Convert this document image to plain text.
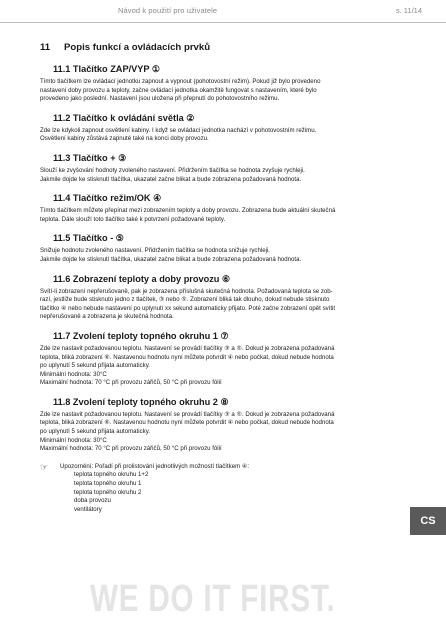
Návod k použití pro uživatele	s. 11/14
11	Popis funkcí a ovládacích prvků
11.1 Tlačítko ZAP/VYP ①
Tímto tlačítkem lze ovládací jednotku zapnout a vypnout (pohotovostní režim). Pokud již bylo provedeno
nastavení doby provozu a teploty, začne ovládací jednotka okamžitě fungovat s nastavením, které bylo
provedeno jako poslední. Nastavení jsou uložena při přepnutí do pohotovostního režimu.
11.2 Tlačítko k ovládání světla ②
Zde lze kdykoli zapnout osvětlení kabiny. I když se ovládací jednotka nachází v pohotovostním režimu.
Osvětlení kabiny zůstává zapnuté také na konci doby provozu.
11.3 Tlačítko + ③
Slouží ke zvyšování hodnoty zvoleného nastavení. Přidržením tlačítka se hodnota zvyšuje rychleji.
Jakmile dojde ke stisknutí tlačítka, ukazatel začne blikat a bude zobrazena požadovaná hodnota.
11.4 Tlačítko režim/OK ④
Tímto tlačítkem můžete přepínat mezi zobrazením teploty a doby provozu. Zobrazena bude aktuální skutečná
teplota. Dále slouží toto tlačítko také k potvrzení požadované teploty.
11.5 Tlačítko - ⑤
Snižuje hodnotu zvoleného nastavení. Přidržením tlačítka se hodnota snižuje rychleji.
Jakmile dojde ke stisknutí tlačítka, ukazatel začne blikat a bude zobrazena požadovaná hodnota.
11.6 Zobrazení teploty a doby provozu ⑥
Svítí-li zobrazení nepřerušovaně, pak je zobrazena příslušná skutečná hodnota. Požadovaná teplota se zob-
razí, jestliže bude stisknuto jedno z tlačítek, ③ nebo ⑤. Zobrazení bliká tak dlouho, dokud nebude stisknuto
tlačítko ④ nebo nebude nastavení po uplynutí xx sekund automaticky přijato. Poté začne zobrazení opět svítit
nepřerušovaně a zobrazena je skutečná hodnota.
11.7 Zvolení teploty topného okruhu 1 ⑦
Zde lze nastavit požadovanou teplotu. Nastavení se provádí tlačítky ③ a ⑤. Dokud je zobrazena požadovaná
teplota, bliká zobrazení ⑥. Nastavenou hodnotu nyní můžete potvrdit ④ nebo počkat, dokud nebude hodnota
po uplynutí 5 sekund přijata automaticky.
Minimální hodnota: 30°C
Maximální hodnota: 70 °C při provozu zářičů, 50 °C při provozu fólií
11.8 Zvolení teploty topného okruhu 2 ⑧
Zde lze nastavit požadovanou teplotu. Nastavení se provádí tlačítky ③ a ⑤. Dokud je zobrazena požadovaná
teplota, bliká zobrazení ⑥. Nastavenou hodnotu nyní můžete potvrdit ④ nebo počkat, dokud nebude hodnota
po uplynutí 5 sekund přijata automaticky.
Minimální hodnota: 30°C
Maximální hodnota: 70 °C při provozu zářičů, 50 °C při provozu fólií
☞	Upozornění: Pořadí při prolistování jednotlivých možností tlačítkem ④:
teplota topného okruhu 1+2
teplota topného okruhu 1
teplota topného okruhu 2
doba provozu
ventilátory
CS
WE DO IT FIRST.
